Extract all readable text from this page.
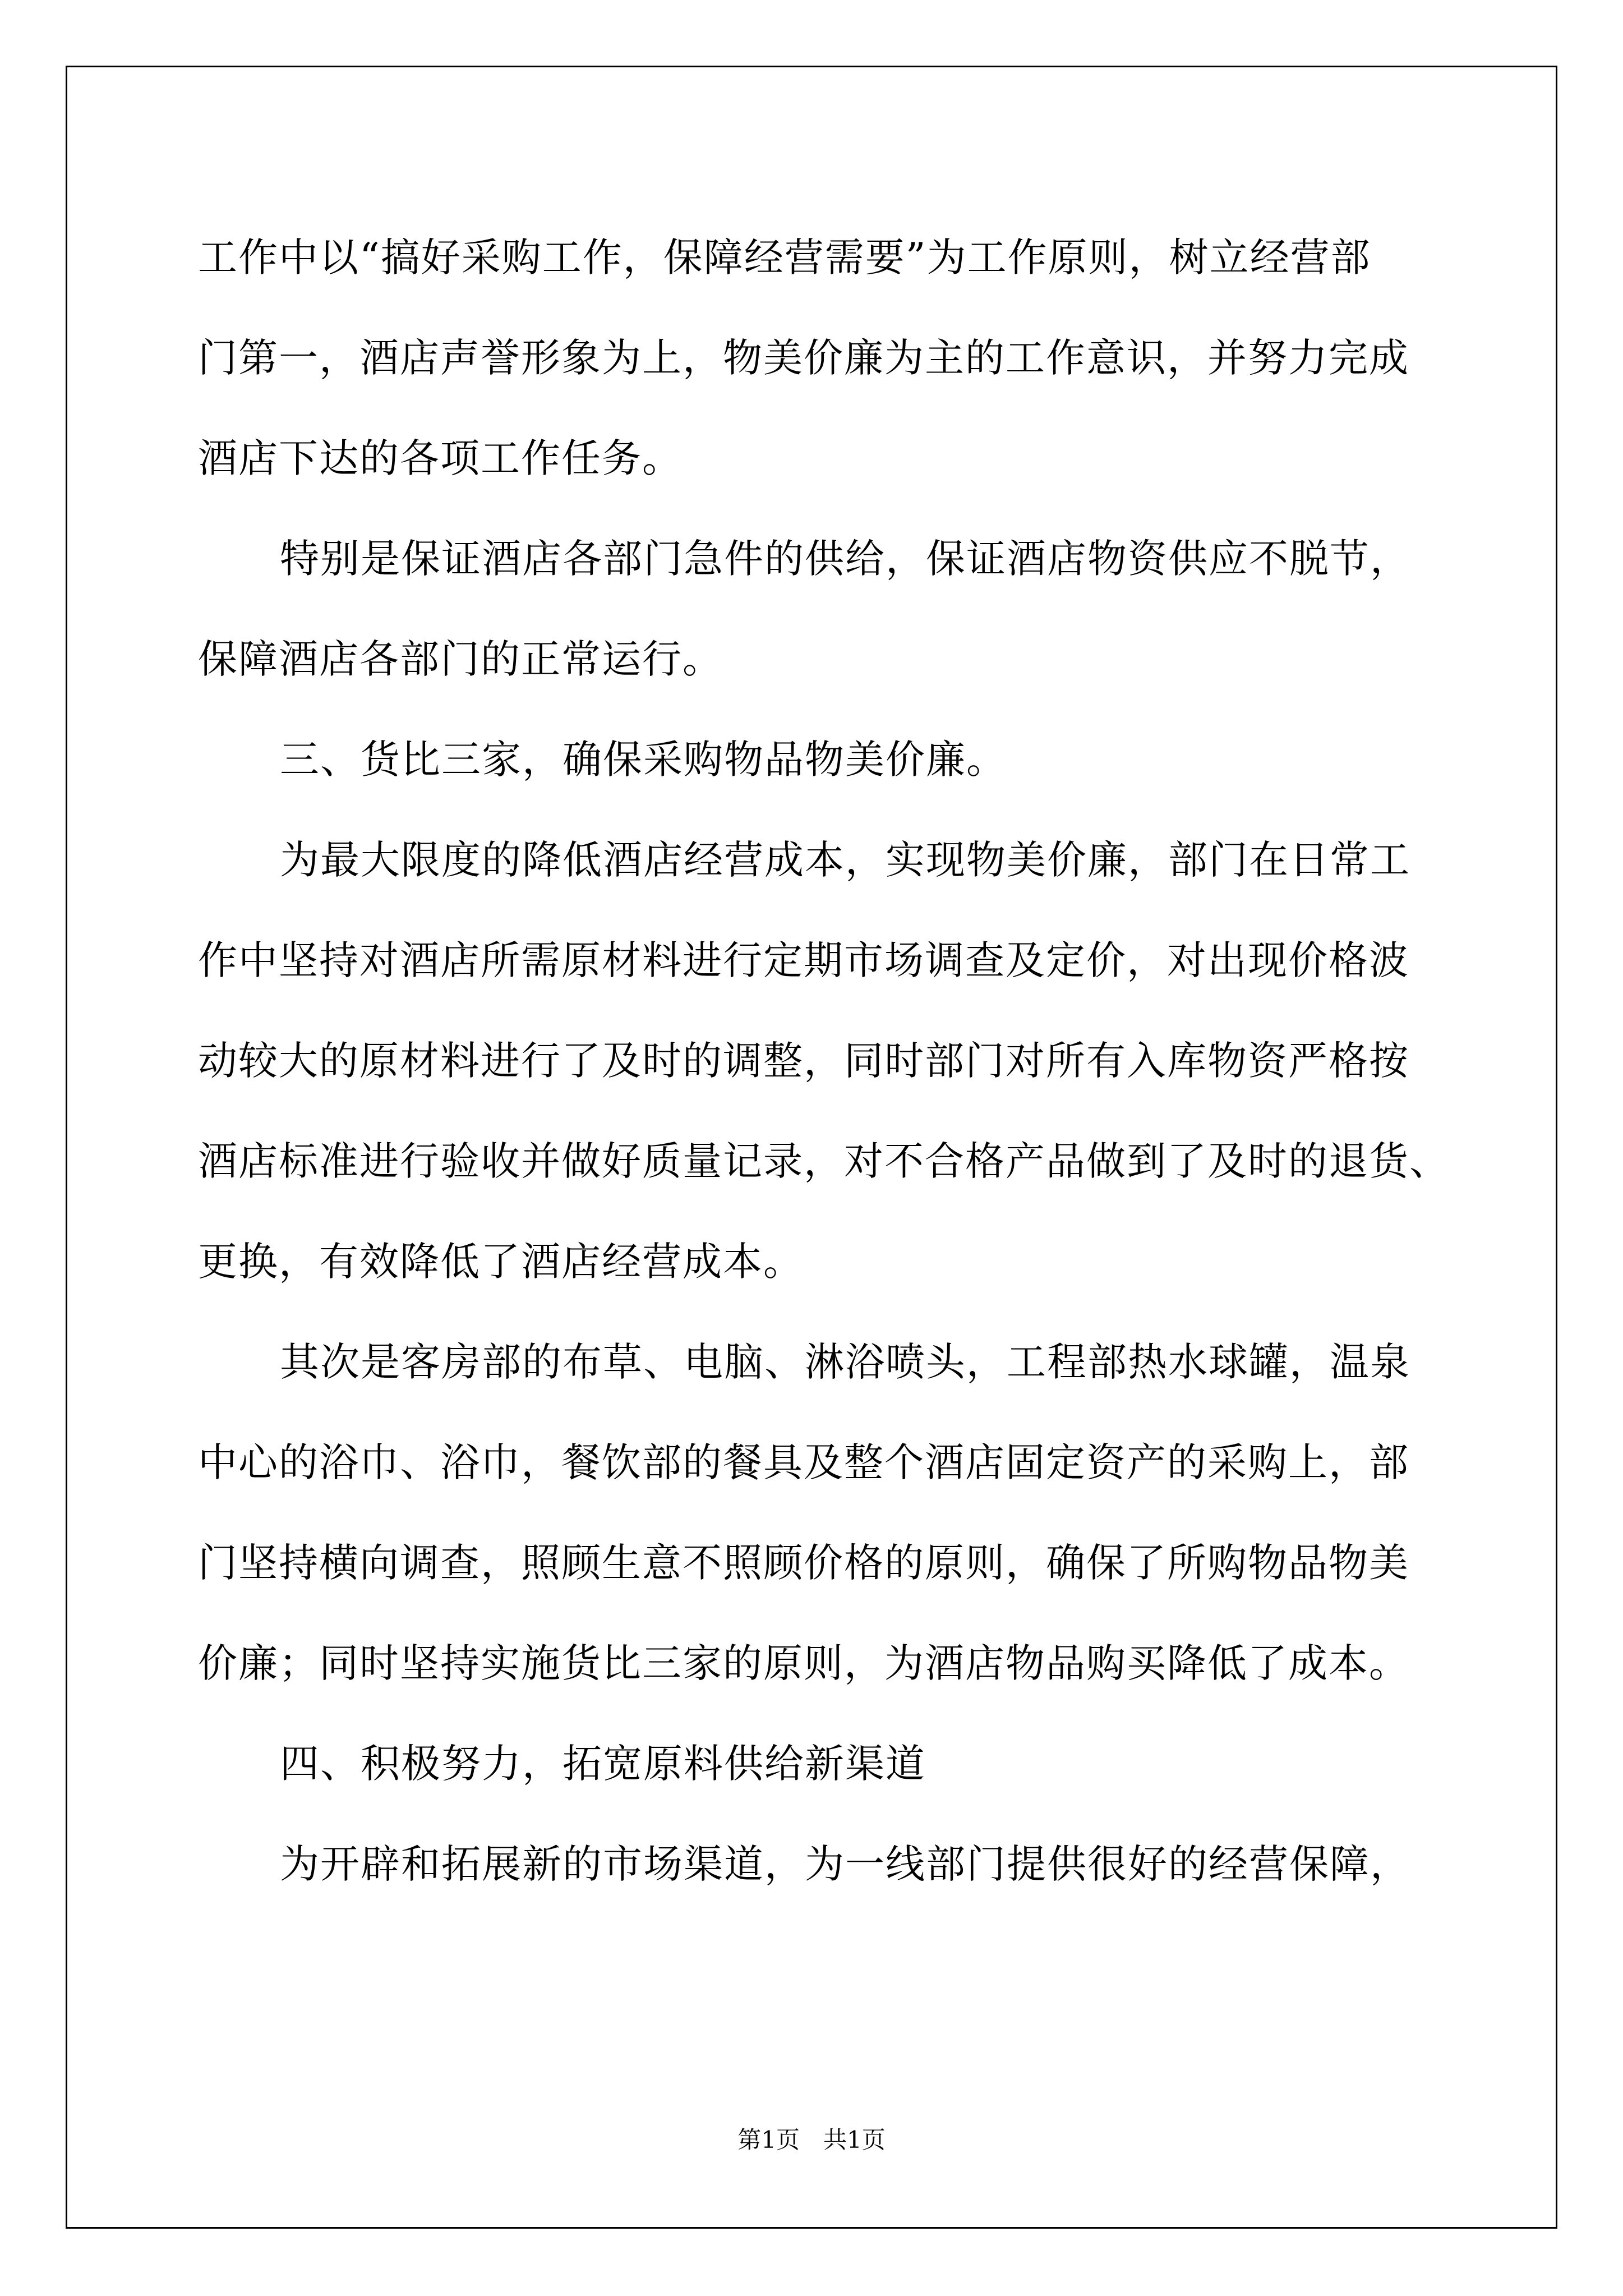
工作中以“搞好采购工作，保障经营需要”为工作原则，树立经营部
门第一，酒店声誉形象为上，物美价廉为主的工作意识，并努力完成
酒店下达的各项工作任务。
特别是保证酒店各部门急件的供给，保证酒店物资供应不脱节，
保障酒店各部门的正常运行。
三、货比三家，确保采购物品物美价廉。
为最大限度的降低酒店经营成本，实现物美价廉，部门在日常工
作中坚持对酒店所需原材料进行定期市场调查及定价，对出现价格波
动较大的原材料进行了及时的调整，同时部门对所有入库物资严格按
酒店标准进行验收并做好质量记录，对不合格产品做到了及时的退货、
更换，有效降低了酒店经营成本。
其次是客房部的布草、电脑、淋浴喷头，工程部热水球罐，温泉
中心的浴巾、浴巾，餐饮部的餐具及整个酒店固定资产的采购上，部
门坚持横向调查，照顾生意不照顾价格的原则，确保了所购物品物美
价廉；同时坚持实施货比三家的原则，为酒店物品购买降低了成本。
四、积极努力，拓宽原料供给新渠道
为开辟和拓展新的市场渠道，为一线部门提供很好的经营保障，
第1页　共1页
